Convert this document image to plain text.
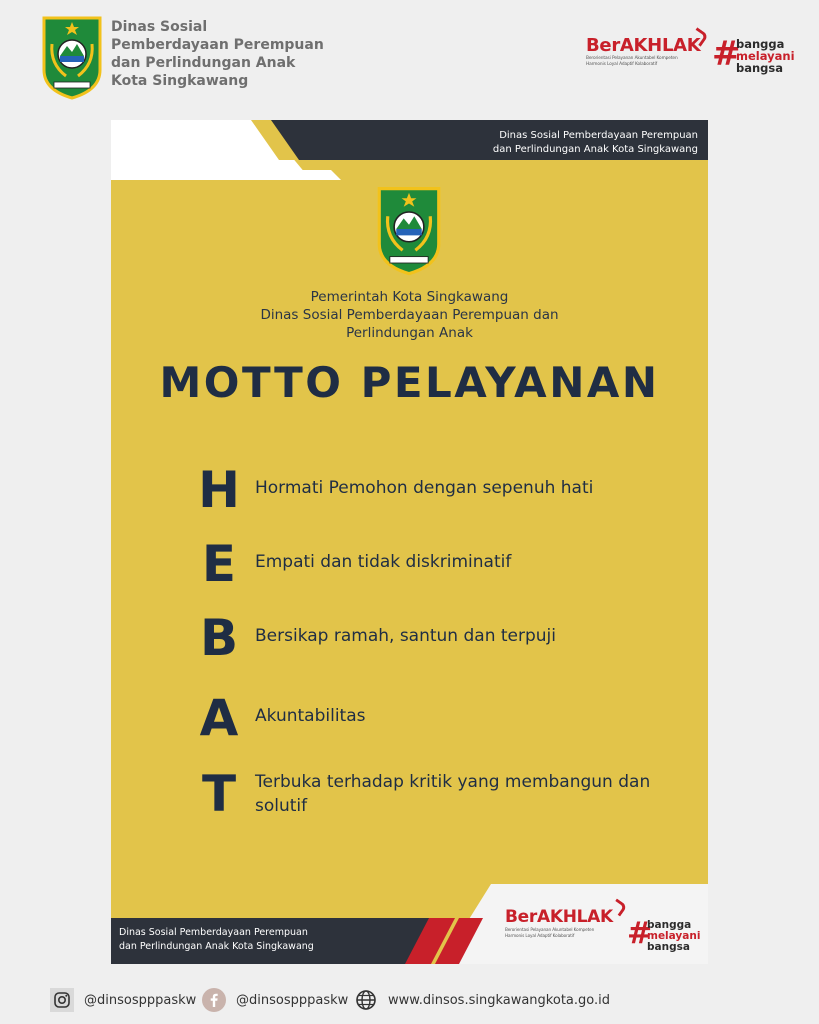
Dinas Sosial
Pemberdayaan Perempuan
dan Perlindungan Anak
Kota Singkawang
BerAKHLAK
Berorientasi Pelayanan Akuntabel Kompeten
Harmonis Loyal Adaptif Kolaboratif	#
bangga
melayani
bangsa
Dinas Sosial Pemberdayaan Perempuan
dan Perlindungan Anak Kota Singkawang
Pemerintah Kota Singkawang
Dinas Sosial Pemberdayaan Perempuan dan
Perlindungan Anak
MOTTO PELAYANAN
H Hormati Pemohon dengan sepenuh hati
E	Empati dan tidak diskriminatif
B Bersikap ramah, santun dan terpuji
A Akuntabilitas
T	Terbuka terhadap kritik yang membangun dan solutif
Dinas Sosial Pemberdayaan Perempuan
dan Perlindungan Anak Kota Singkawang
BerAKHLAK
Berorientasi Pelayanan Akuntabel Kompeten
Harmonis Loyal Adaptif Kolaboratif	#
bangga
melayani
bangsa
@dinsospppaskw	@dinsospppaskw	www.dinsos.singkawangkota.go.id
